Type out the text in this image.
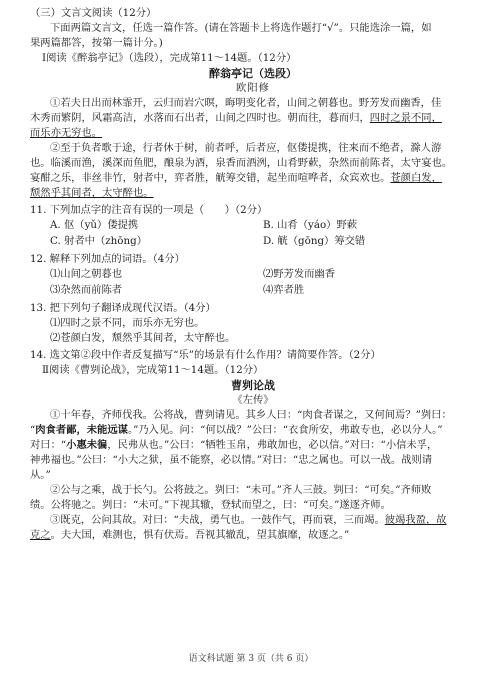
（三）文言文阅读（12分）
下面两篇文言文，任选一篇作答。(请在答题卡上将选作题打“√”。只能选涂一篇，如
果两篇都答，按第一篇计分。)
Ⅰ阅读《醉翁亭记》（选段），完成第11～14题。（12分）
醉翁亭记（选段）
欧阳修
①若夫日出而林霏开，云归而岩穴暝，晦明变化者，山间之朝暮也。野芳发而幽香，佳
木秀而繁阴，风霜高洁，水落而石出者，山间之四时也。朝而往，暮而归，四时之景不同，
而乐亦无穷也。
②至于负者歌于途，行者休于树，前者呼，后者应，伛偻提携，往来而不绝者，滁人游
也。临溪而渔，溪深而鱼肥，酿泉为酒，泉香而酒洌，山肴野蔌，杂然而前陈者，太守宴也。
宴酣之乐，非丝非竹，射者中，弈者胜，觥筹交错，起坐而喧哗者，众宾欢也。苍颜白发，
颓然乎其间者，太守醉也。
11. 下列加点字的注音有误的一项是（　　）（2分）
A. 伛（yǔ）偻提携	B. 山肴（yáo）野蔌
C. 射者中（zhōng）	D. 觥（gōng）筹交错
12. 解释下列加点的词语。（4分）
⑴山间之朝暮也	⑵野芳发而幽香
⑶杂然而前陈者	⑷弈者胜
13. 把下列句子翻译成现代汉语。（4分）
⑴四时之景不同，而乐亦无穷也。
⑵苍颜白发，颓然乎其间者，太守醉也。
14. 选文第②段中作者反复描写“乐”的场景有什么作用？请简要作答。（2分）
Ⅱ阅读《曹刿论战》，完成第11～14题。（12分）
曹刿论战
《左传》
①十年春，齐师伐我。公将战，曹刿请见。其乡人曰：“肉食者谋之，又何间焉？”刿曰：
“肉食者鄙，未能远谋。”乃入见。问：“何以战？”公曰：“衣食所安，弗敢专也，必以分人。”
对曰：“小惠未徧，民弗从也。”公曰：“牺牲玉帛，弗敢加也，必以信。”对曰：“小信未孚，
神弗福也。”公曰：“小大之狱，虽不能察，必以情。”对曰：“忠之属也。可以一战。战则请
从。”
②公与之乘，战于长勺。公将鼓之。刿曰：“未可。”齐人三鼓。刿曰：“可矣。”齐师败
绩。公将驰之。刿曰：“未可。”下视其辙，登轼而望之，曰：“可矣。”遂逐齐师。
③既克，公问其故。对曰：“夫战，勇气也。一鼓作气，再而衰，三而竭。彼竭我盈，故
克之。夫大国，难测也，惧有伏焉。吾视其辙乱，望其旗靡，故逐之。”
语文科试题 第 3 页（共 6 页）
